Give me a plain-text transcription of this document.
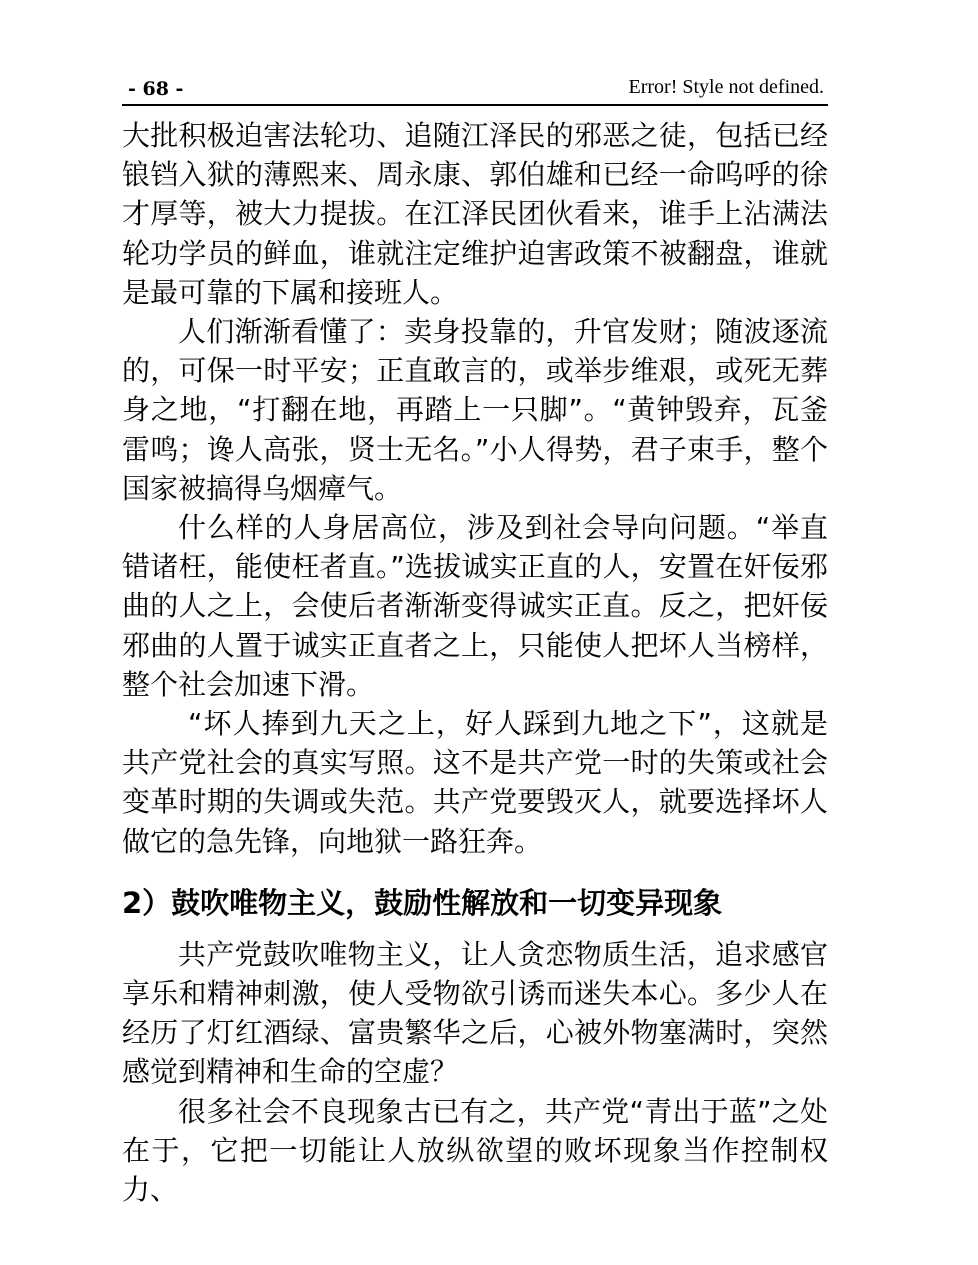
- 68 -	Error! Style not defined.

大批积极迫害法轮功、追随江泽民的邪恶之徒，包括已经锒铛入狱的薄熙来、周永康、郭伯雄和已经一命呜呼的徐才厚等，被大力提拔。在江泽民团伙看来，谁手上沾满法轮功学员的鲜血，谁就注定维护迫害政策不被翻盘，谁就是最可靠的下属和接班人。

人们渐渐看懂了：卖身投靠的，升官发财；随波逐流的，可保一时平安；正直敢言的，或举步维艰，或死无葬身之地，“打翻在地，再踏上一只脚”。“黄钟毁弃，瓦釜雷鸣；谗人高张，贤士无名。”小人得势，君子束手，整个国家被搞得乌烟瘴气。

什么样的人身居高位，涉及到社会导向问题。“举直错诸枉，能使枉者直。”选拔诚实正直的人，安置在奸佞邪曲的人之上，会使后者渐渐变得诚实正直。反之，把奸佞邪曲的人置于诚实正直者之上，只能使人把坏人当榜样，整个社会加速下滑。

“坏人捧到九天之上，好人踩到九地之下”，这就是共产党社会的真实写照。这不是共产党一时的失策或社会变革时期的失调或失范。共产党要毁灭人，就要选择坏人做它的急先锋，向地狱一路狂奔。

2）鼓吹唯物主义，鼓励性解放和一切变异现象

共产党鼓吹唯物主义，让人贪恋物质生活，追求感官享乐和精神刺激，使人受物欲引诱而迷失本心。多少人在经历了灯红酒绿、富贵繁华之后，心被外物塞满时，突然感觉到精神和生命的空虚？

很多社会不良现象古已有之，共产党“青出于蓝”之处在于，它把一切能让人放纵欲望的败坏现象当作控制权力、
